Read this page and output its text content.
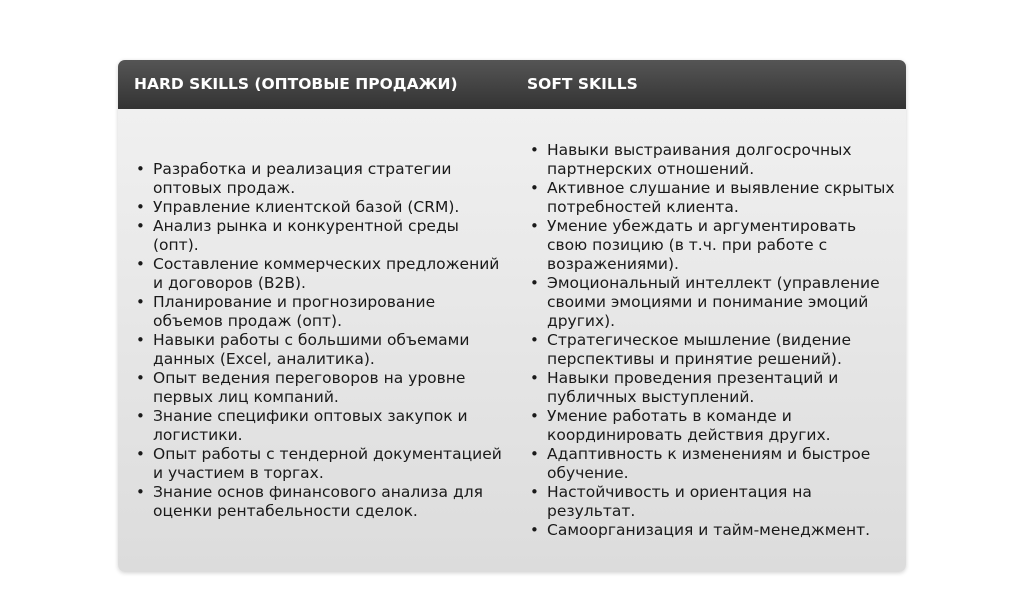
HARD SKILLS (ОПТОВЫЕ ПРОДАЖИ)	SOFT SKILLS
• Разработка и реализация стратегии оптовых продаж.
• Управление клиентской базой (CRM).
• Анализ рынка и конкурентной среды (опт).
• Составление коммерческих предложений и договоров (B2B).
• Планирование и прогнозирование объемов продаж (опт).
• Навыки работы с большими объемами данных (Excel, аналитика).
• Опыт ведения переговоров на уровне первых лиц компаний.
• Знание специфики оптовых закупок и логистики.
• Опыт работы с тендерной документацией и участием в торгах.
• Знание основ финансового анализа для оценки рентабельности сделок.
• Навыки выстраивания долгосрочных партнерских отношений.
• Активное слушание и выявление скрытых потребностей клиента.
• Умение убеждать и аргументировать свою позицию (в т.ч. при работе с возражениями).
• Эмоциональный интеллект (управление своими эмоциями и понимание эмоций других).
• Стратегическое мышление (видение перспективы и принятие решений).
• Навыки проведения презентаций и публичных выступлений.
• Умение работать в команде и координировать действия других.
• Адаптивность к изменениям и быстрое обучение.
• Настойчивость и ориентация на результат.
• Самоорганизация и тайм-менеджмент.
